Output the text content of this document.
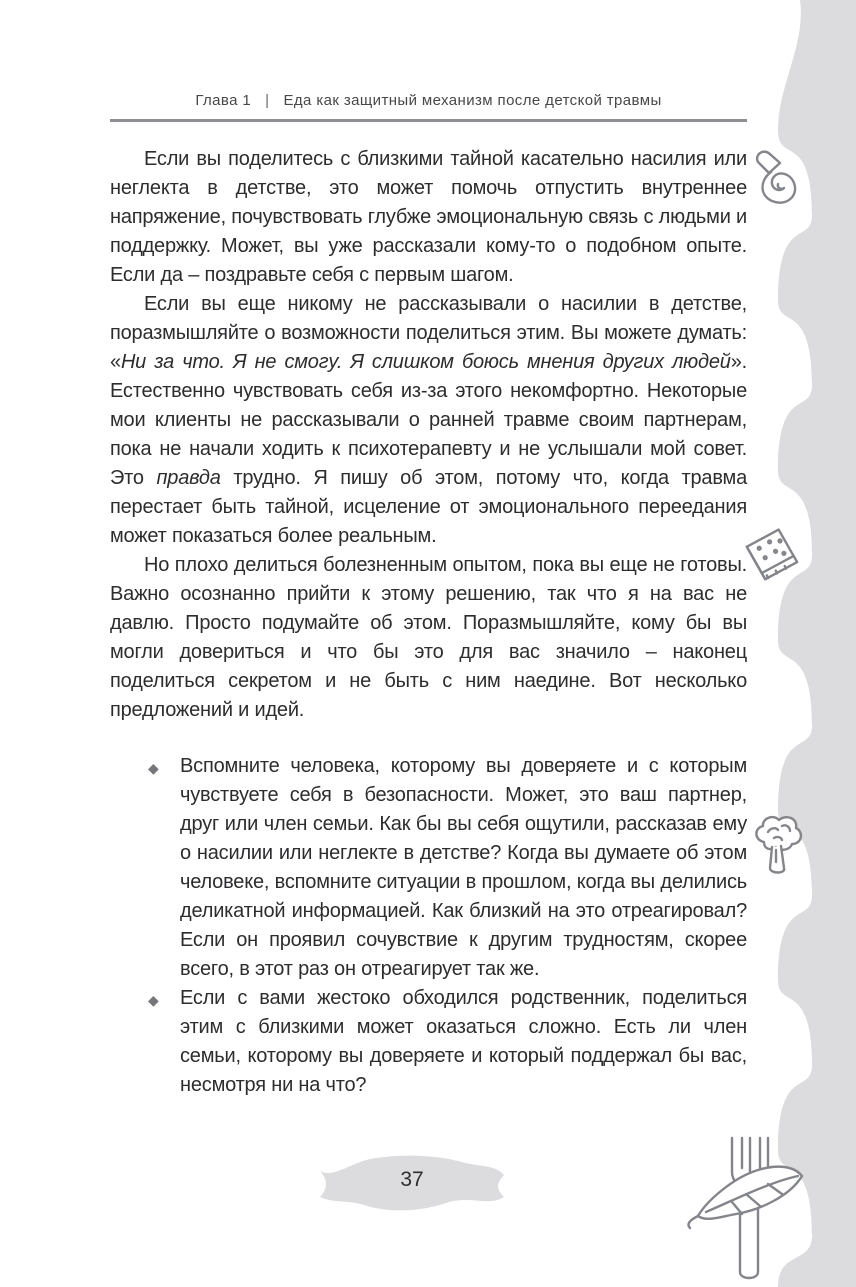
Глава 1 | Еда как защитный механизм после детской травмы

Если вы поделитесь с близкими тайной касательно насилия или неглекта в детстве, это может помочь отпустить внутреннее напряжение, почувствовать глубже эмоциональную связь с людьми и поддержку. Может, вы уже рассказали кому-то о подобном опыте. Если да – поздравьте себя с первым шагом.

Если вы еще никому не рассказывали о насилии в детстве, поразмышляйте о возможности поделиться этим. Вы можете думать: «Ни за что. Я не смогу. Я слишком боюсь мнения других людей». Естественно чувствовать себя из-за этого некомфортно. Некоторые мои клиенты не рассказывали о ранней травме своим партнерам, пока не начали ходить к психотерапевту и не услышали мой совет. Это правда трудно. Я пишу об этом, потому что, когда травма перестает быть тайной, исцеление от эмоционального переедания может показаться более реальным.

Но плохо делиться болезненным опытом, пока вы еще не готовы. Важно осознанно прийти к этому решению, так что я на вас не давлю. Просто подумайте об этом. Поразмышляйте, кому бы вы могли довериться и что бы это для вас значило – наконец поделиться секретом и не быть с ним наедине. Вот несколько предложений и идей.

◆ Вспомните человека, которому вы доверяете и с которым чувствуете себя в безопасности. Может, это ваш партнер, друг или член семьи. Как бы вы себя ощутили, рассказав ему о насилии или неглекте в детстве? Когда вы думаете об этом человеке, вспомните ситуации в прошлом, когда вы делились деликатной информацией. Как близкий на это отреагировал? Если он проявил сочувствие к другим трудностям, скорее всего, в этот раз он отреагирует так же.
◆ Если с вами жестоко обходился родственник, поделиться этим с близкими может оказаться сложно. Есть ли член семьи, которому вы доверяете и который поддержал бы вас, несмотря ни на что?
37
